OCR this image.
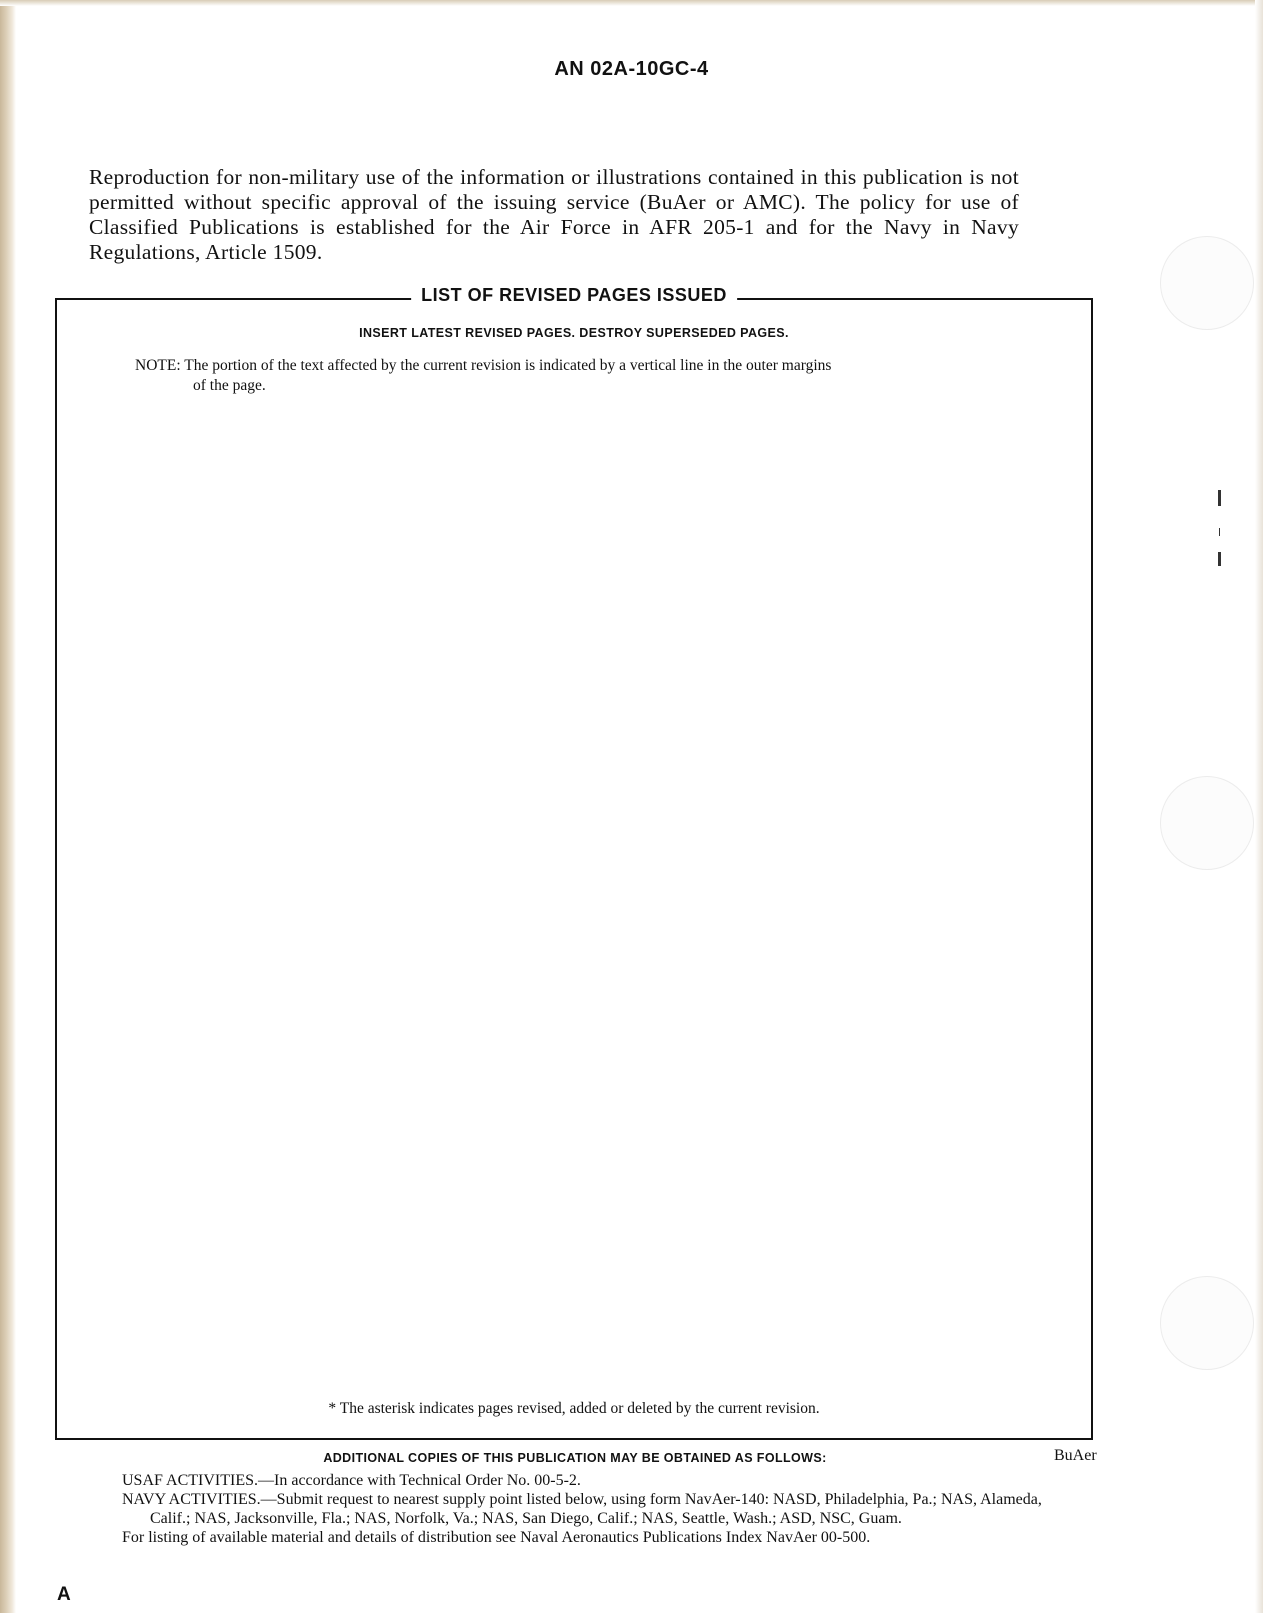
AN 02A-10GC-4
Reproduction for non-military use of the information or illustrations contained in this publication is not permitted without specific approval of the issuing service (BuAer or AMC). The policy for use of Classified Publications is established for the Air Force in AFR 205-1 and for the Navy in Navy Regulations, Article 1509.
LIST OF REVISED PAGES ISSUED
INSERT LATEST REVISED PAGES. DESTROY SUPERSEDED PAGES.
NOTE: The portion of the text affected by the current revision is indicated by a vertical line in the outer margins
of the page.
* The asterisk indicates pages revised, added or deleted by the current revision.
ADDITIONAL COPIES OF THIS PUBLICATION MAY BE OBTAINED AS FOLLOWS:	BuAer

USAF ACTIVITIES.—In accordance with Technical Order No. 00-5-2.

NAVY ACTIVITIES.—Submit request to nearest supply point listed below, using form NavAer-140: NASD, Philadelphia, Pa.; NAS, Alameda, Calif.; NAS, Jacksonville, Fla.; NAS, Norfolk, Va.; NAS, San Diego, Calif.; NAS, Seattle, Wash.; ASD, NSC, Guam.

For listing of available material and details of distribution see Naval Aeronautics Publications Index NavAer 00-500.

A
